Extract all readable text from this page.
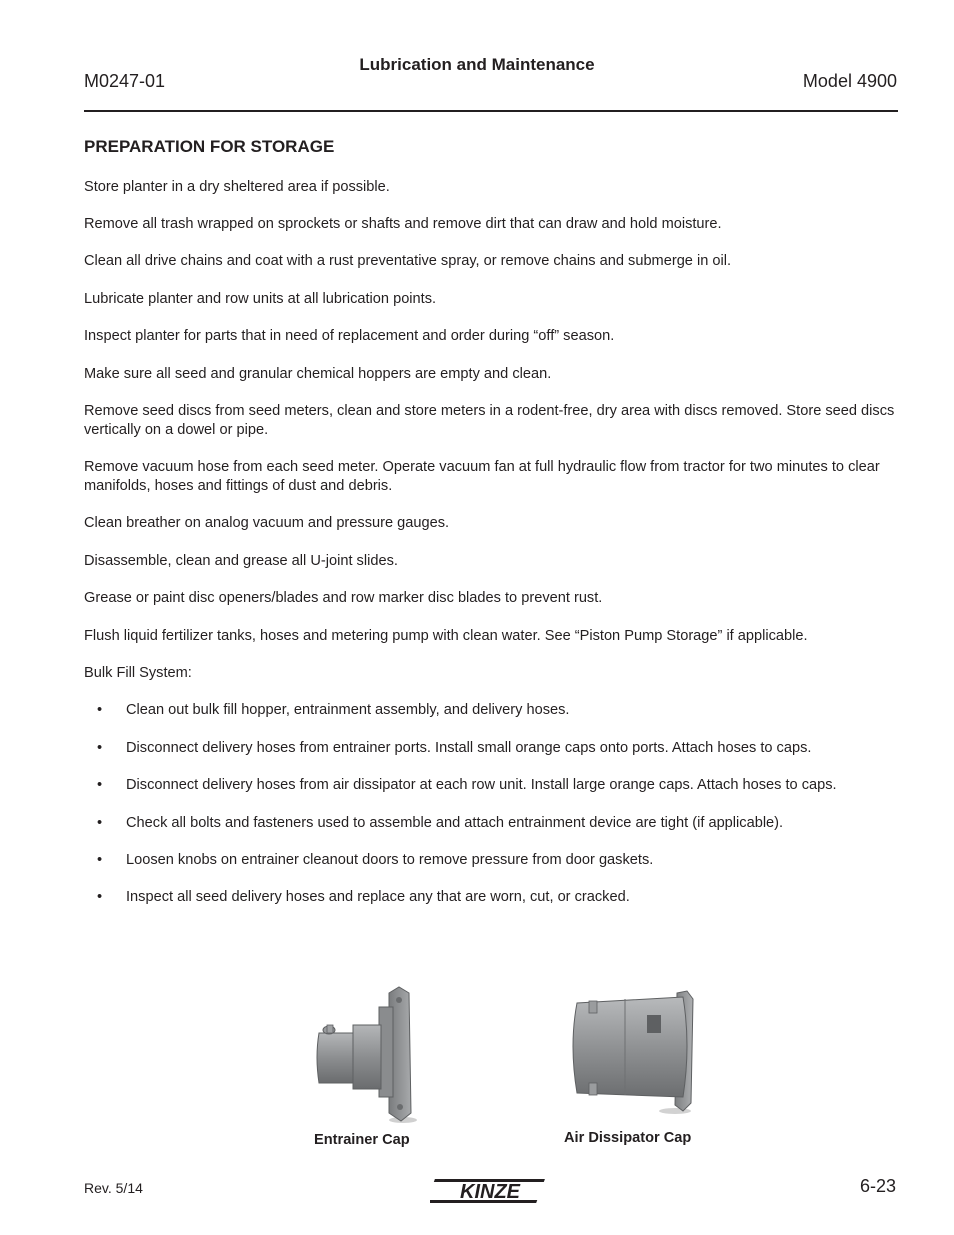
M0247-01
Lubrication and Maintenance
Model 4900
PREPARATION FOR STORAGE
Store planter in a dry sheltered area if possible.
Remove all trash wrapped on sprockets or shafts and remove dirt that can draw and hold moisture.
Clean all drive chains and coat with a rust preventative spray, or remove chains and submerge in oil.
Lubricate planter and row units at all lubrication points.
Inspect planter for parts that in need of replacement and order during “off” season.
Make sure all seed and granular chemical hoppers are empty and clean.
Remove seed discs from seed meters, clean and store meters in a rodent-free, dry area with discs removed. Store seed discs vertically on a dowel or pipe.
Remove vacuum hose from each seed meter. Operate vacuum fan at full hydraulic flow from tractor for two minutes to clear manifolds, hoses and fittings of dust and debris.
Clean breather on analog vacuum and pressure gauges.
Disassemble, clean and grease all U-joint slides.
Grease or paint disc openers/blades and row marker disc blades to prevent rust.
Flush liquid fertilizer tanks, hoses and metering pump with clean water. See “Piston Pump Storage” if applicable.
Bulk Fill System:
• Clean out bulk fill hopper, entrainment assembly, and delivery hoses.
• Disconnect delivery hoses from entrainer ports. Install small orange caps onto ports. Attach hoses to caps.
• Disconnect delivery hoses from air dissipator at each row unit. Install large orange caps. Attach hoses to caps.
• Check all bolts and fasteners used to assemble and attach entrainment device are tight (if applicable).
• Loosen knobs on entrainer cleanout doors to remove pressure from door gaskets.
• Inspect all seed delivery hoses and replace any that are worn, cut, or cracked.
Entrainer Cap	Air Dissipator Cap
Rev. 5/14	KINZE	6-23
